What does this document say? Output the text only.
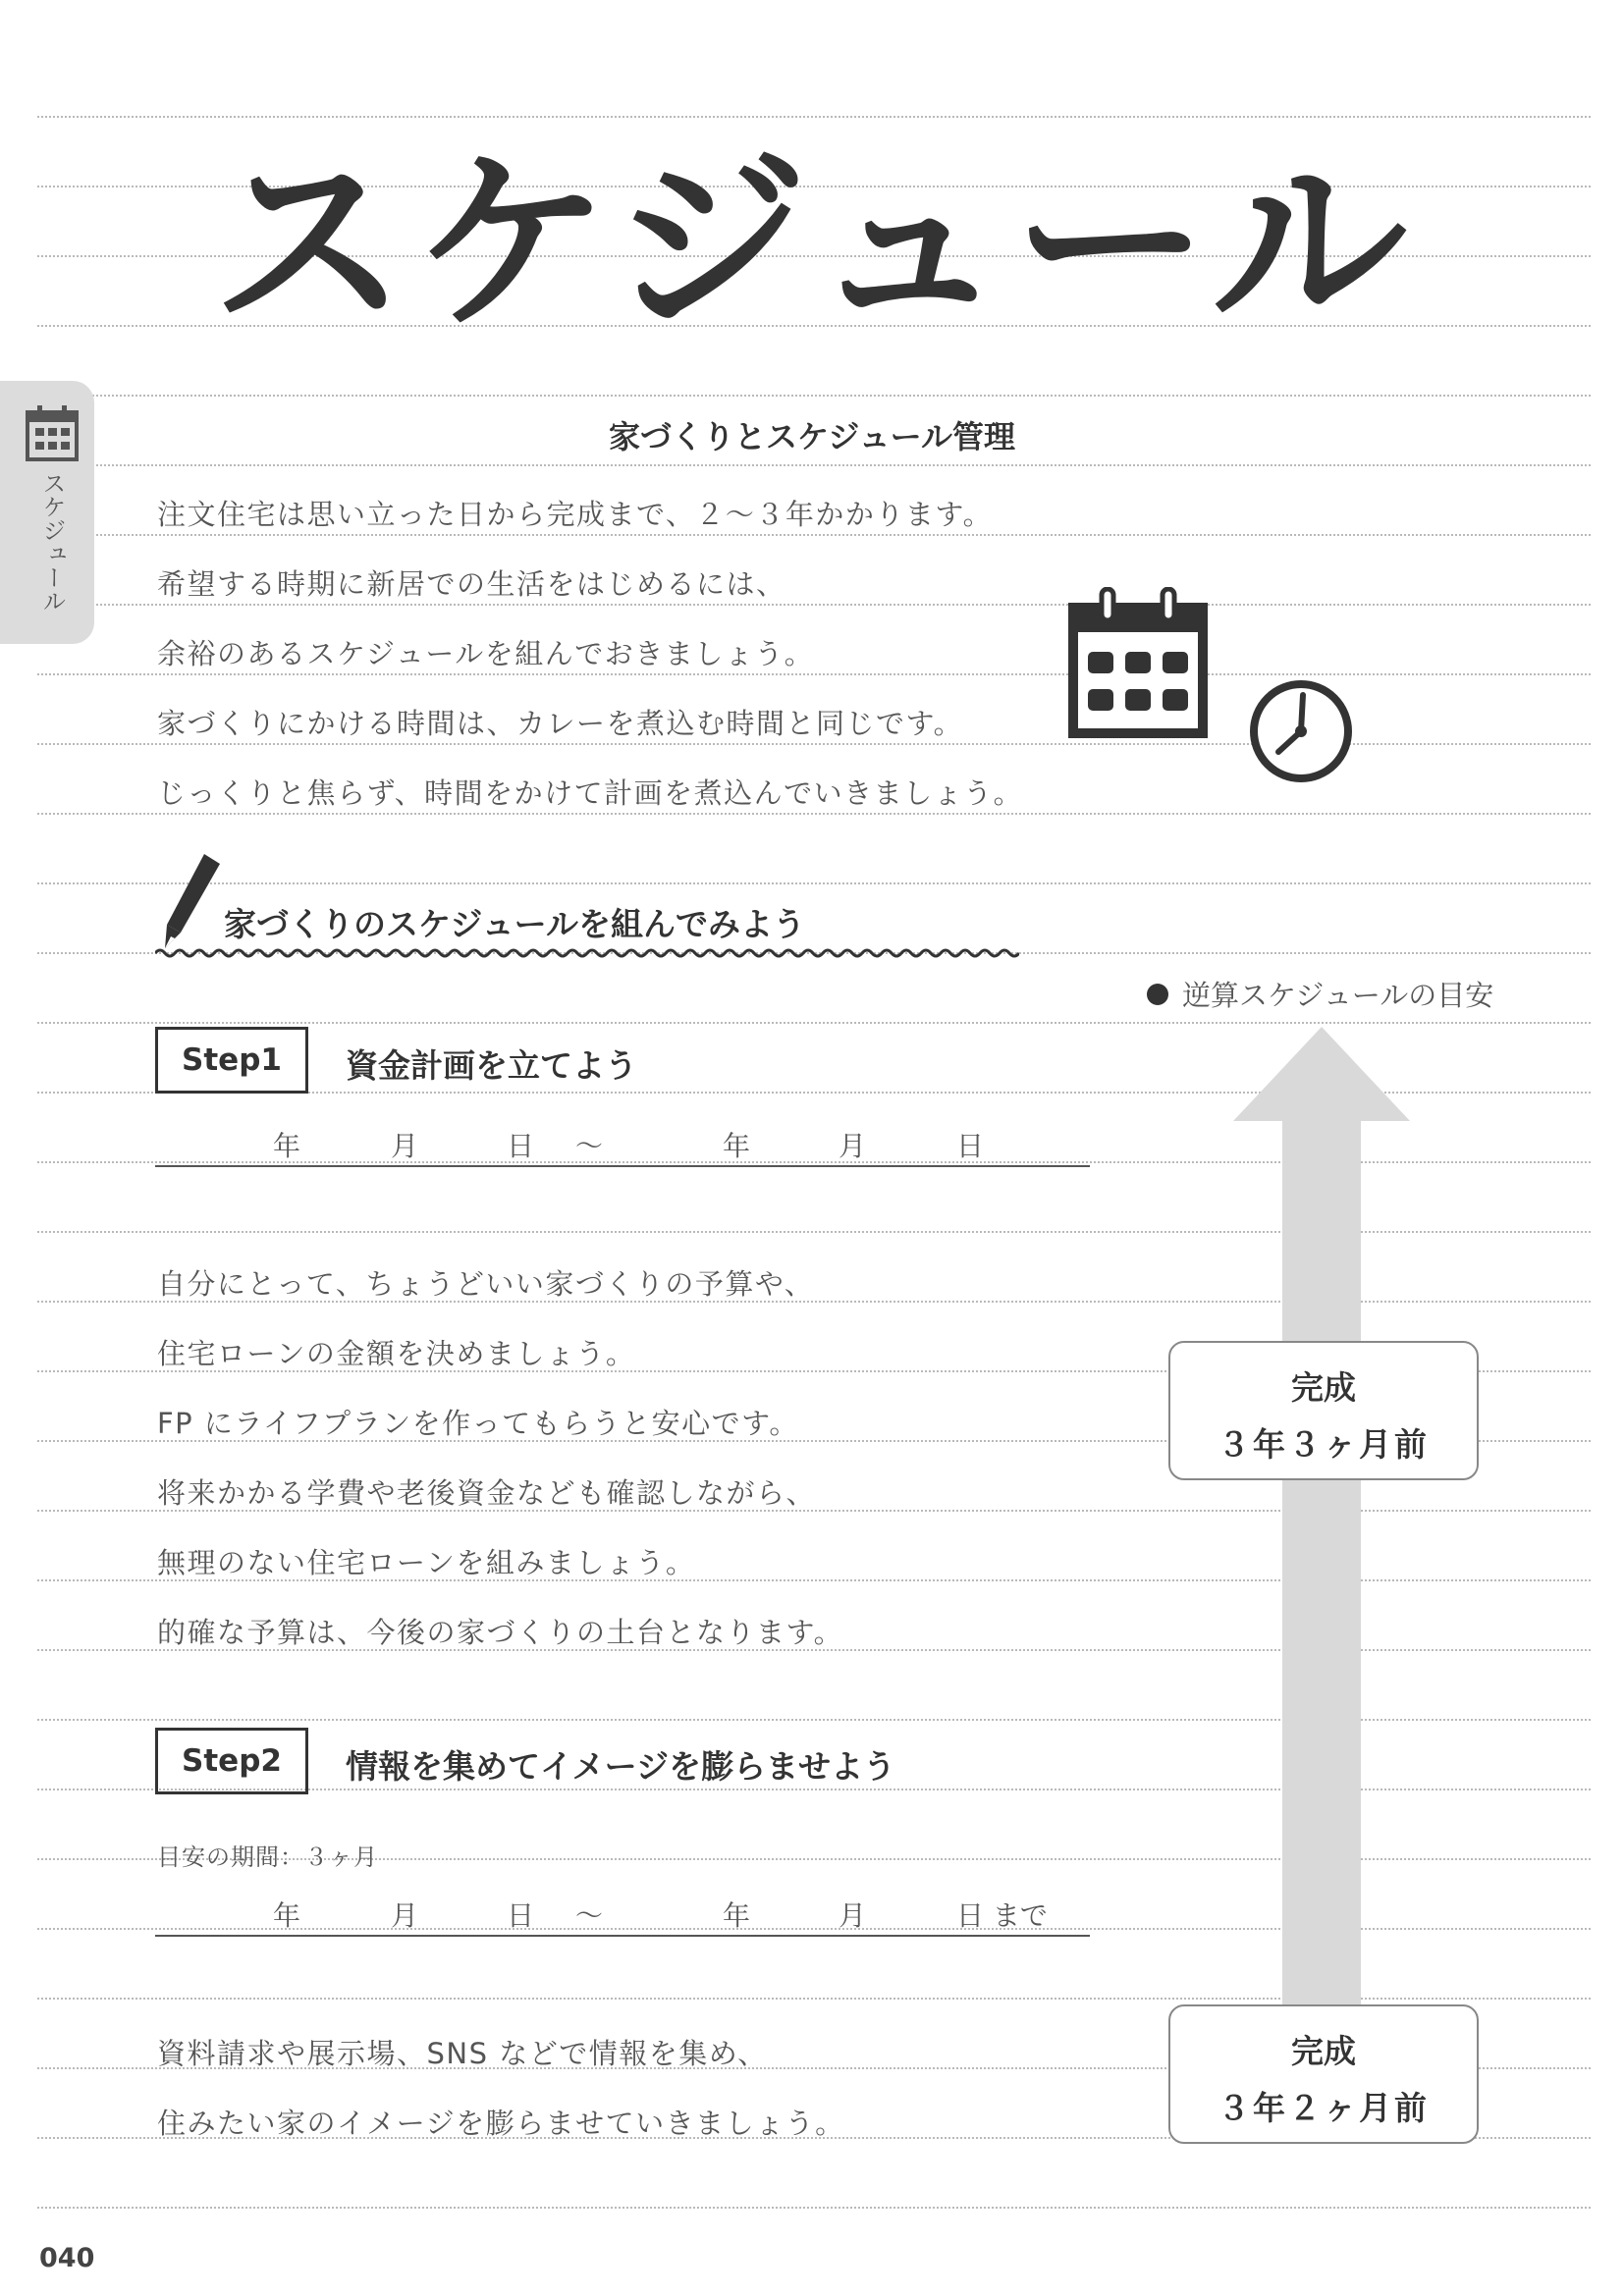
スケジュール
スケジュール
家づくりとスケジュール管理
注文住宅は思い立った日から完成まで、２～３年かかります。
希望する時期に新居での生活をはじめるには、
余裕のあるスケジュールを組んでおきましょう。
家づくりにかける時間は、カレーを煮込む時間と同じです。
じっくりと焦らず、時間をかけて計画を煮込んでいきましょう。
家づくりのスケジュールを組んでみよう
逆算スケジュールの目安
Step1	資金計画を立てよう
年	月	日 ～	年	月	日
自分にとって、ちょうどいい家づくりの予算や、
住宅ローンの金額を決めましょう。
FP にライフプランを作ってもらうと安心です。
将来かかる学費や老後資金なども確認しながら、
無理のない住宅ローンを組みましょう。
的確な予算は、今後の家づくりの土台となります。
Step2	情報を集めてイメージを膨らませよう
目安の期間：３ヶ月
年	月	日 ～	年	月	日 まで
資料請求や展示場、SNS などで情報を集め、
住みたい家のイメージを膨らませていきましょう。
完成
３年３ヶ月前
完成
３年２ヶ月前
040
